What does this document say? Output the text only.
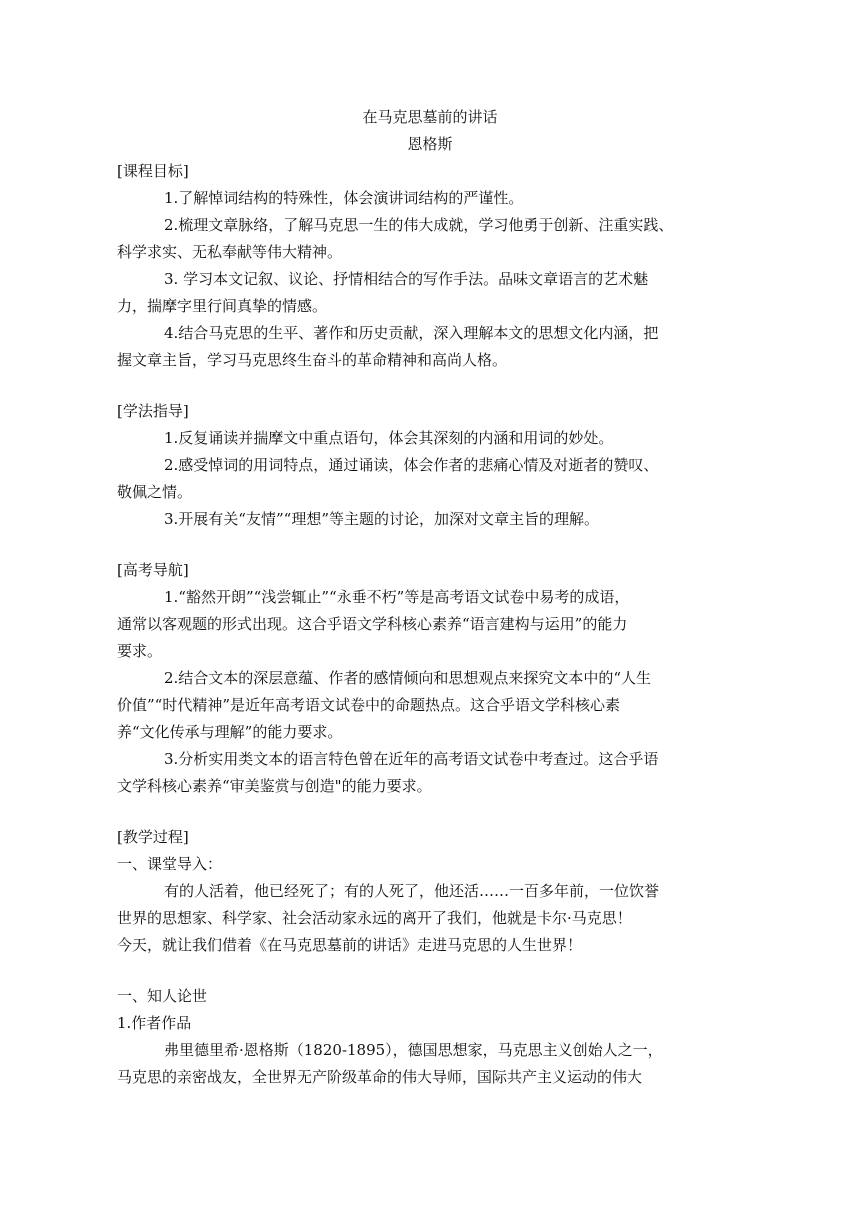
在马克思墓前的讲话
恩格斯
[课程目标]
1.了解悼词结构的特殊性，体会演讲词结构的严谨性。
2.梳理文章脉络，了解马克思一生的伟大成就，学习他勇于创新、注重实践、
科学求实、无私奉献等伟大精神。
3. 学习本文记叙、议论、抒情相结合的写作手法。品味文章语言的艺术魅
力，揣摩字里行间真挚的情感。
4.结合马克思的生平、著作和历史贡献，深入理解本文的思想文化内涵，把
握文章主旨，学习马克思终生奋斗的革命精神和高尚人格。
[学法指导]
1.反复诵读并揣摩文中重点语句，体会其深刻的内涵和用词的妙处。
2.感受悼词的用词特点，通过诵读，体会作者的悲痛心情及对逝者的赞叹、
敬佩之情。
3.开展有关“友情”“理想”等主题的讨论，加深对文章主旨的理解。
[高考导航]
1.“豁然开朗”“浅尝辄止”“永垂不朽”等是高考语文试卷中易考的成语，
通常以客观题的形式出现。这合乎语文学科核心素养“语言建构与运用”的能力
要求。
2.结合文本的深层意蕴、作者的感情倾向和思想观点来探究文本中的“人生
价值”“时代精神”是近年高考语文试卷中的命题热点。这合乎语文学科核心素
养“文化传承与理解”的能力要求。
3.分析实用类文本的语言特色曾在近年的高考语文试卷中考查过。这合乎语
文学科核心素养“审美鉴赏与创造"的能力要求。
[教学过程]
一、课堂导入：
有的人活着，他已经死了；有的人死了，他还活……一百多年前，一位饮誉
世界的思想家、科学家、社会活动家永远的离开了我们，他就是卡尔·马克思！
今天，就让我们借着《在马克思墓前的讲话》走进马克思的人生世界！
一、知人论世
1.作者作品
弗里德里希·恩格斯（1820-1895），德国思想家，马克思主义创始人之一，
马克思的亲密战友，全世界无产阶级革命的伟大导师，国际共产主义运动的伟大
